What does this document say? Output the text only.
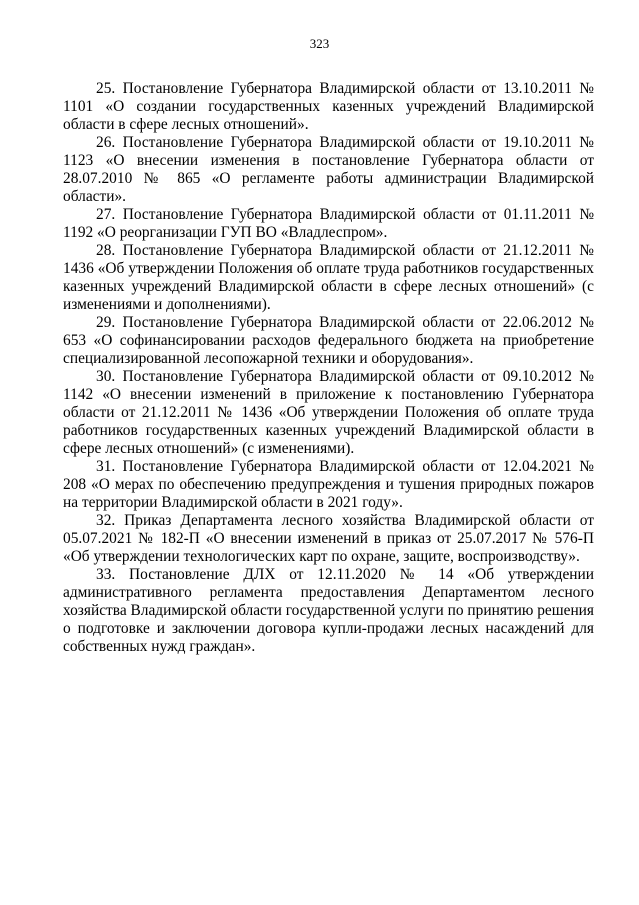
323

25. Постановление Губернатора Владимирской области от 13.10.2011 № 1101 «О создании государственных казенных учреждений Владимирской области в сфере лесных отношений».

26. Постановление Губернатора Владимирской области от 19.10.2011 № 1123 «О внесении изменения в постановление Губернатора области от 28.07.2010 № 865 «О регламенте работы администрации Владимирской области».

27. Постановление Губернатора Владимирской области от 01.11.2011 № 1192 «О реорганизации ГУП ВО «Владлеспром».

28. Постановление Губернатора Владимирской области от 21.12.2011 № 1436 «Об утверждении Положения об оплате труда работников государственных казенных учреждений Владимирской области в сфере лесных отношений» (с изменениями и дополнениями).

29. Постановление Губернатора Владимирской области от 22.06.2012 № 653 «О софинансировании расходов федерального бюджета на приобретение специализированной лесопожарной техники и оборудования».

30. Постановление Губернатора Владимирской области от 09.10.2012 № 1142 «О внесении изменений в приложение к постановлению Губернатора области от 21.12.2011 № 1436 «Об утверждении Положения об оплате труда работников государственных казенных учреждений Владимирской области в сфере лесных отношений» (с изменениями).

31. Постановление Губернатора Владимирской области от 12.04.2021 № 208 «О мерах по обеспечению предупреждения и тушения природных пожаров на территории Владимирской области в 2021 году».

32. Приказ Департамента лесного хозяйства Владимирской области от 05.07.2021 № 182-П «О внесении изменений в приказ от 25.07.2017 № 576-П «Об утверждении технологических карт по охране, защите, воспроизводству».

33. Постановление ДЛХ от 12.11.2020 № 14 «Об утверждении административного регламента предоставления Департаментом лесного хозяйства Владимирской области государственной услуги по принятию решения о подготовке и заключении договора купли-продажи лесных насаждений для собственных нужд граждан».
